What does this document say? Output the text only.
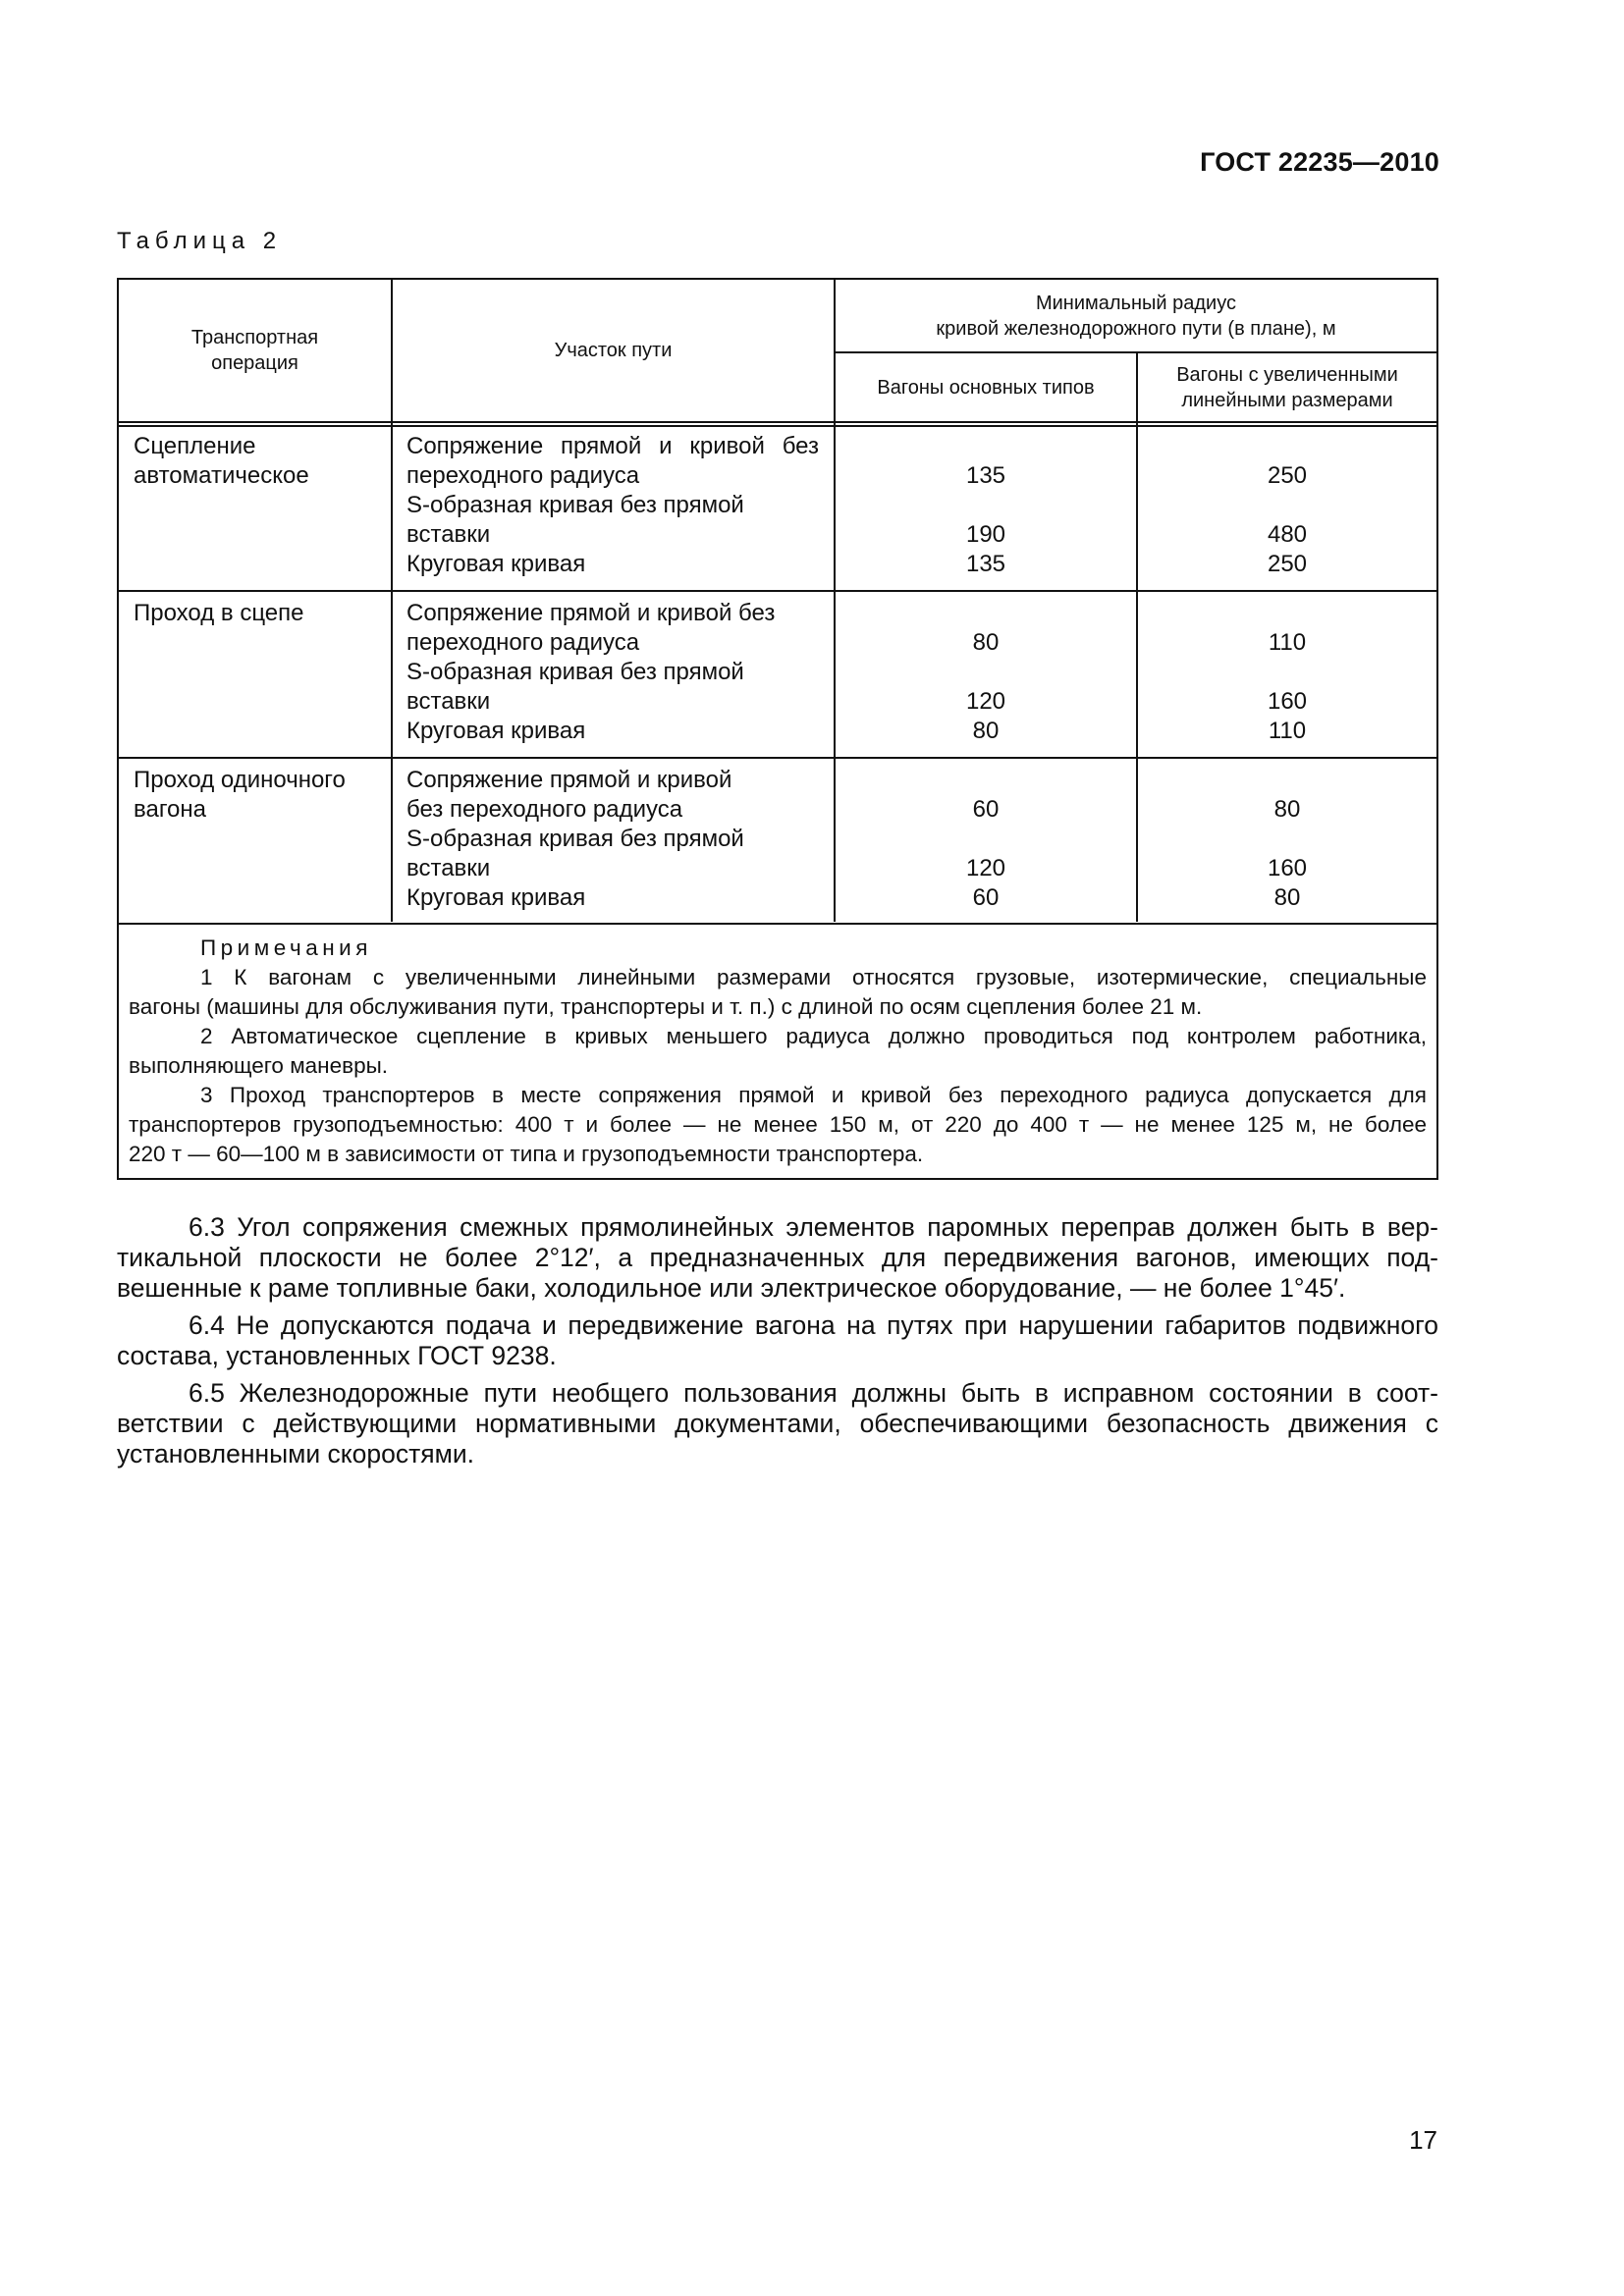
ГОСТ 22235—2010
Таблица 2
Транспортная
операция
Участок пути
Минимальный радиус
кривой железнодорожного пути (в плане), м
Вагоны основных типов
Вагоны с увеличенными
линейными размерами
Сцепление
автоматическое
Сопряжение прямой и кривой без
переходного радиуса
S-образная кривая без прямой
вставки
Круговая кривая

135

190
135

250

480
250
Проход в сцепе	Сопряжение прямой и кривой без
переходного радиуса
S-образная кривая без прямой
вставки
Круговая кривая

80

120
80

110

160
110
Проход одиночного
вагона
Сопряжение прямой и кривой
без переходного радиуса
S-образная кривая без прямой
вставки
Круговая кривая

60

120
60

80

160
80
Примечания
1 К вагонам с увеличенными линейными размерами относятся грузовые, изотермические, специальные
вагоны (машины для обслуживания пути, транспортеры и т. п.) с длиной по осям сцепления более 21 м.
2 Автоматическое сцепление в кривых меньшего радиуса должно проводиться под контролем работника,
выполняющего маневры.
3 Проход транспортеров в месте сопряжения прямой и кривой без переходного радиуса допускается для
транспортеров грузоподъемностью: 400 т и более — не менее 150 м, от 220 до 400 т — не менее 125 м, не более
220 т — 60—100 м в зависимости от типа и грузоподъемности транспортера.
6.3 Угол сопряжения смежных прямолинейных элементов паромных переправ должен быть в вер-
тикальной плоскости не более 2°12′, а предназначенных для передвижения вагонов, имеющих под-
вешенные к раме топливные баки, холодильное или электрическое оборудование, — не более 1°45′.
6.4 Не допускаются подача и передвижение вагона на путях при нарушении габаритов подвижного
состава, установленных ГОСТ 9238.
6.5 Железнодорожные пути необщего пользования должны быть в исправном состоянии в соот-
ветствии с действующими нормативными документами, обеспечивающими безопасность движения с
установленными скоростями.
17
